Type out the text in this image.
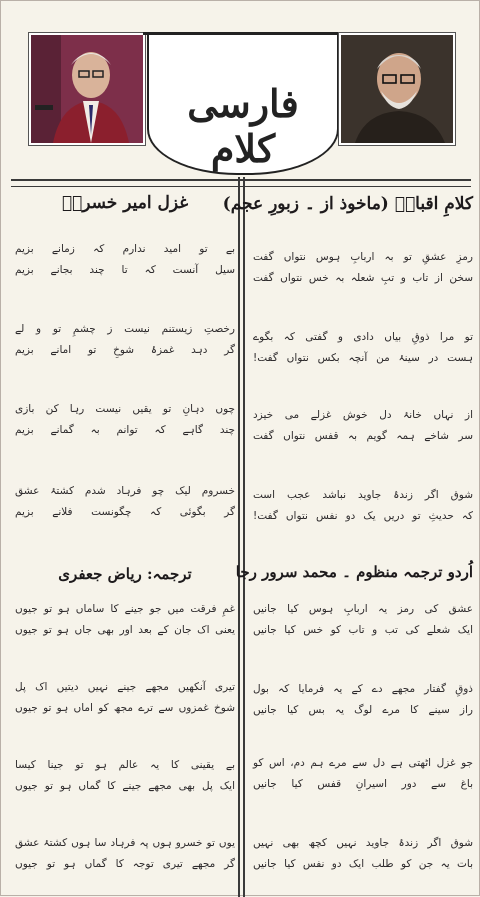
فارسی کلام
کلامِ اقبالؒ (ماخوذ از ۔ زبورِ عجم)
رمزِ عشقِ تو بہ اربابِ ہوس نتواں گفت
سخن از تاب و تبِ شعلہ بہ خس نتواں گفت
تو مرا ذوقِ بیاں دادی و گفتی کہ بگوے
ہست در سینۂ من آنچہ بکس نتواں گفت!
از نہاں خانۂ دل خوش غزلے می خیزد
سر شاخے ہمہ گویم بہ قفس نتواں گفت
شوق اگر زندۂ جاوید نباشد عجب است
کہ حدیثِ تو دریں یک دو نفس نتواں گفت!
اُردو ترجمہ منظوم ۔ محمد سرور رجا
عشق کی رمز یہ اربابِ ہوس کیا جانیں
ایک شعلے کی تب و تاب کو خس کیا جانیں
ذوقِ گفتار مجھے دے کے یہ فرمایا کہ بول
راز سینے کا مرے لوگ یہ بس کیا جانیں
جو غزل اٹھتی ہے دل سے مرے ہم دم، اس کو
باغ سے دور اسیرانِ قفس کیا جانیں
شوق اگر زندۂ جاوید نہیں کچھ بھی نہیں
بات یہ جن کو طلب ایک دو نفس کیا جانیں
غزل امیر خسروؒ
بے تو امید ندارم کہ زمانے بزیم
سیل آنست کہ تا چند بجانے بزیم
رخصتِ زیستنم نیست ز چشمِ تو و لے
گر دہد غمزۂ شوخِ تو امانے بزیم
چوں دہانِ تو یقیں نیست رہا کن بازی
چند گاہے کہ توانم بہ گمانے بزیم
خسروم لیک چو فرہاد شدم کشتۂ عشق
گر بگوئی کہ چگونست فلانے بزیم
ترجمہ: ریاض جعفری
غمِ فرقت میں جو جینے کا ساماں ہو تو جیوں
یعنی اک جان کے بعد اور بھی جاں ہو تو جیوں
تیری آنکھیں مجھے جینے نہیں دیتیں اک پل
شوخ غمزوں سے ترے مجھ کو اماں ہو تو جیوں
بے یقینی کا یہ عالم ہو تو جینا کیسا
ایک پل بھی مجھے جینے کا گماں ہو تو جیوں
یوں تو خسرو ہوں پہ فرہاد سا ہوں کشتۂ عشق
گر مجھے تیری توجہ کا گماں ہو تو جیوں
